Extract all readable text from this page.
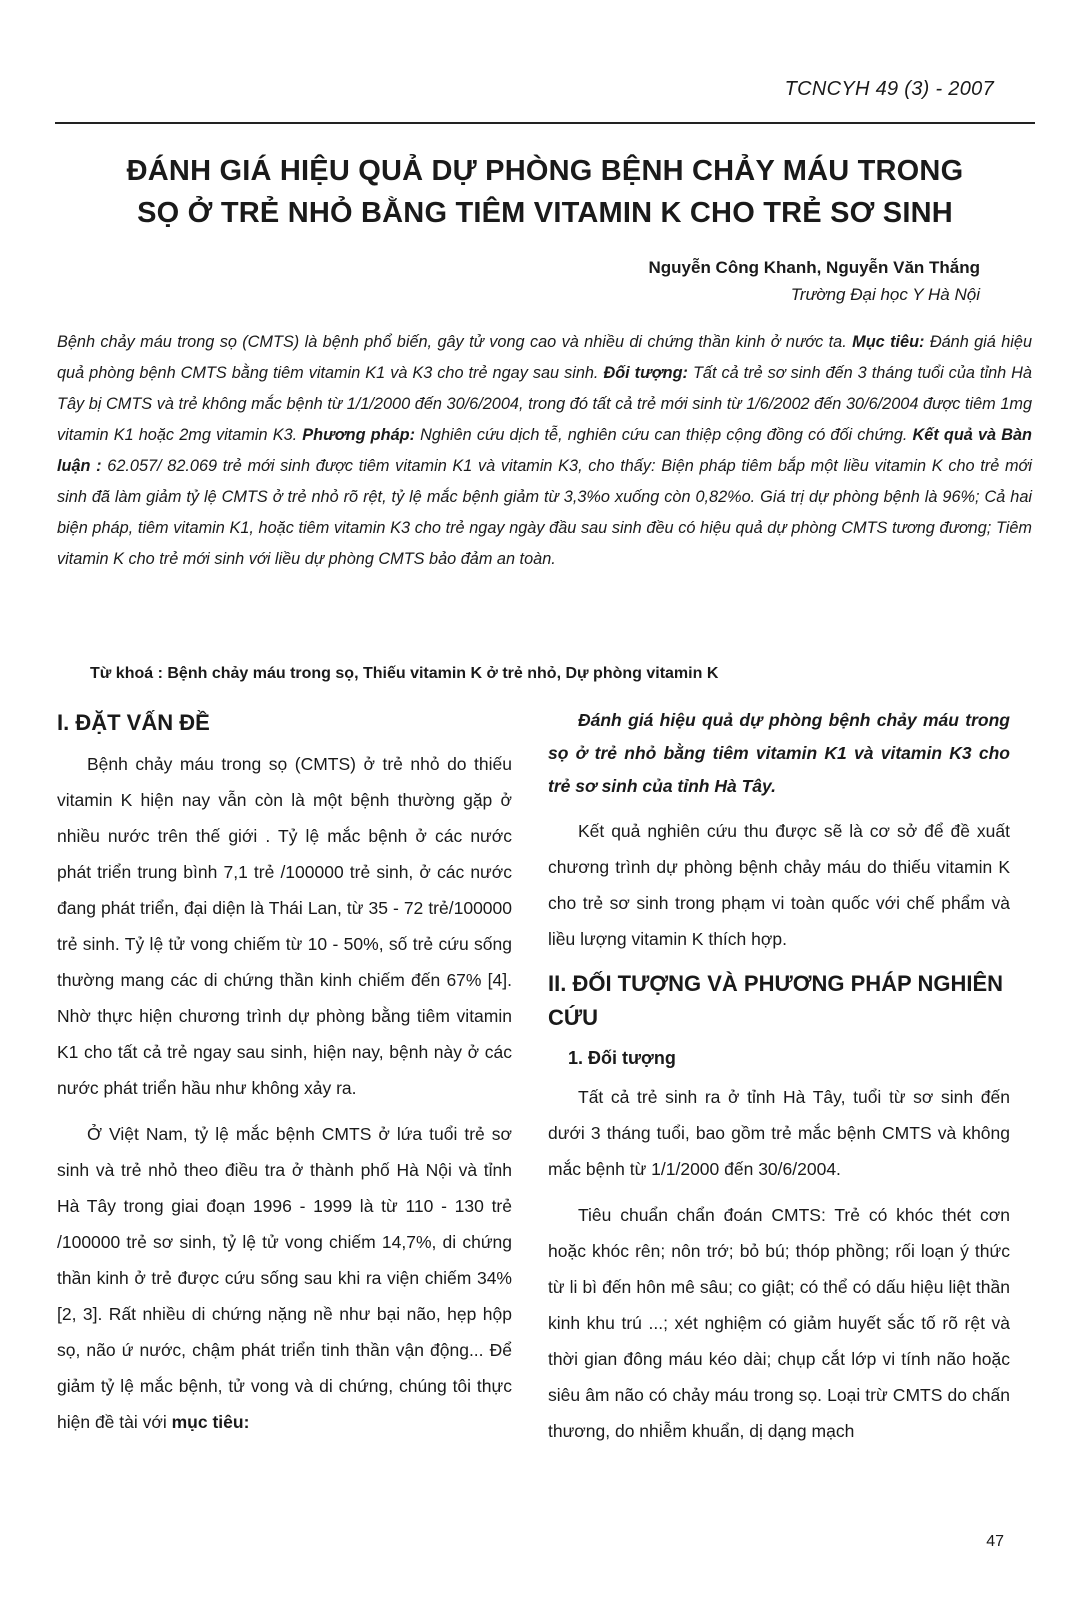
TCNCYH 49 (3) - 2007
ĐÁNH GIÁ HIỆU QUẢ DỰ PHÒNG BỆNH CHẢY MÁU TRONG
SỌ Ở TRẺ NHỎ BẰNG TIÊM VITAMIN K CHO TRẺ SƠ SINH
Nguyễn Công Khanh, Nguyễn Văn Thắng
Trường Đại học Y Hà Nội

Bệnh chảy máu trong sọ (CMTS) là bệnh phổ biến, gây tử vong cao và nhiều di chứng thần kinh ở nước ta. Mục tiêu: Đánh giá hiệu quả phòng bệnh CMTS bằng tiêm vitamin K1 và K3 cho trẻ ngay sau sinh. Đối tượng: Tất cả trẻ sơ sinh đến 3 tháng tuổi của tỉnh Hà Tây bị CMTS và trẻ không mắc bệnh từ 1/1/2000 đến 30/6/2004, trong đó tất cả trẻ mới sinh từ 1/6/2002 đến 30/6/2004 được tiêm 1mg vitamin K1 hoặc 2mg vitamin K3. Phương pháp: Nghiên cứu dịch tễ, nghiên cứu can thiệp cộng đồng có đối chứng. Kết quả và Bàn luận : 62.057/ 82.069 trẻ mới sinh được tiêm vitamin K1 và vitamin K3, cho thấy: Biện pháp tiêm bắp một liều vitamin K cho trẻ mới sinh đã làm giảm tỷ lệ CMTS ở trẻ nhỏ rõ rệt, tỷ lệ mắc bệnh giảm từ 3,3%o xuống còn 0,82%o. Giá trị dự phòng bệnh là 96%; Cả hai biện pháp, tiêm vitamin K1, hoặc tiêm vitamin K3 cho trẻ ngay ngày đầu sau sinh đều có hiệu quả dự phòng CMTS tương đương; Tiêm vitamin K cho trẻ mới sinh với liều dự phòng CMTS bảo đảm an toàn.

Từ khoá : Bệnh chảy máu trong sọ, Thiếu vitamin K ở trẻ nhỏ, Dự phòng vitamin K
I. ĐẶT VẤN ĐỀ

Bệnh chảy máu trong sọ (CMTS) ở trẻ nhỏ do thiếu vitamin K hiện nay vẫn còn là một bệnh thường gặp ở nhiều nước trên thế giới . Tỷ lệ mắc bệnh ở các nước phát triển trung bình 7,1 trẻ /100000 trẻ sinh, ở các nước đang phát triển, đại diện là Thái Lan, từ 35 - 72 trẻ/100000 trẻ sinh. Tỷ lệ tử vong chiếm từ 10 - 50%, số trẻ cứu sống thường mang các di chứng thần kinh chiếm đến 67% [4]. Nhờ thực hiện chương trình dự phòng bằng tiêm vitamin K1 cho tất cả trẻ ngay sau sinh, hiện nay, bệnh này ở các nước phát triển hầu như không xảy ra.

Ở Việt Nam, tỷ lệ mắc bệnh CMTS ở lứa tuổi trẻ sơ sinh và trẻ nhỏ theo điều tra ở thành phố Hà Nội và tỉnh Hà Tây trong giai đoạn 1996 - 1999 là từ 110 - 130 trẻ /100000 trẻ sơ sinh, tỷ lệ tử vong chiếm 14,7%, di chứng thần kinh ở trẻ được cứu sống sau khi ra viện chiếm 34% [2, 3]. Rất nhiều di chứng nặng nề như bại não, hẹp hộp sọ, não ứ nước, chậm phát triển tinh thần vận động... Để giảm tỷ lệ mắc bệnh, tử vong và di chứng, chúng tôi thực hiện đề tài với mục tiêu:

Đánh giá hiệu quả dự phòng bệnh chảy máu trong sọ ở trẻ nhỏ bằng tiêm vitamin K1 và vitamin K3 cho trẻ sơ sinh của tỉnh Hà Tây.

Kết quả nghiên cứu thu được sẽ là cơ sở để đề xuất chương trình dự phòng bệnh chảy máu do thiếu vitamin K cho trẻ sơ sinh trong phạm vi toàn quốc với chế phẩm và liều lượng vitamin K thích hợp.

II. ĐỐI TƯỢNG VÀ PHƯƠNG PHÁP NGHIÊN CỨU
1. Đối tượng

Tất cả trẻ sinh ra ở tỉnh Hà Tây, tuổi từ sơ sinh đến dưới 3 tháng tuổi, bao gồm trẻ mắc bệnh CMTS và không mắc bệnh từ 1/1/2000 đến 30/6/2004.

Tiêu chuẩn chẩn đoán CMTS: Trẻ có khóc thét cơn hoặc khóc rên; nôn trớ; bỏ bú; thóp phồng; rối loạn ý thức từ li bì đến hôn mê sâu; co giật; có thể có dấu hiệu liệt thần kinh khu trú ...; xét nghiệm có giảm huyết sắc tố rõ rệt và thời gian đông máu kéo dài; chụp cắt lớp vi tính não hoặc siêu âm não có chảy máu trong sọ. Loại trừ CMTS do chấn thương, do nhiễm khuẩn, dị dạng mạch

47
